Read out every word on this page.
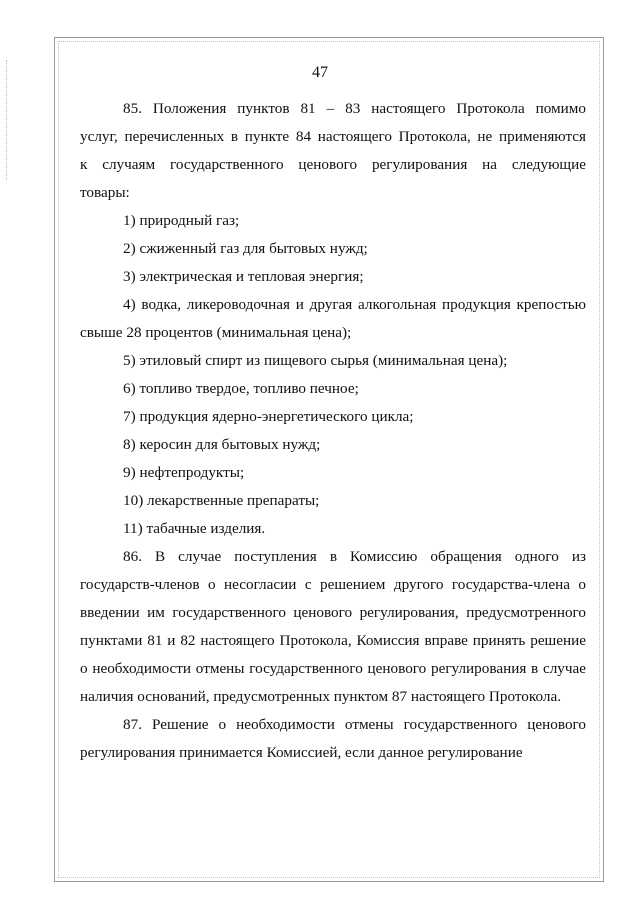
47

85. Положения пунктов 81 – 83 настоящего Протокола помимо услуг, перечисленных в пункте 84 настоящего Протокола, не применяются к случаям государственного ценового регулирования на следующие товары:

1) природный газ;

2) сжиженный газ для бытовых нужд;

3) электрическая и тепловая энергия;

4) водка, ликероводочная и другая алкогольная продукция крепостью свыше 28 процентов (минимальная цена);

5) этиловый спирт из пищевого сырья (минимальная цена);

6) топливо твердое, топливо печное;

7) продукция ядерно-энергетического цикла;

8) керосин для бытовых нужд;

9) нефтепродукты;

10) лекарственные препараты;

11) табачные изделия.

86. В случае поступления в Комиссию обращения одного из государств-членов о несогласии с решением другого государства-члена о введении им государственного ценового регулирования, предусмотренного пунктами 81 и 82 настоящего Протокола, Комиссия вправе принять решение о необходимости отмены государственного ценового регулирования в случае наличия оснований, предусмотренных пунктом 87 настоящего Протокола.

87. Решение о необходимости отмены государственного ценового регулирования принимается Комиссией, если данное регулирование
